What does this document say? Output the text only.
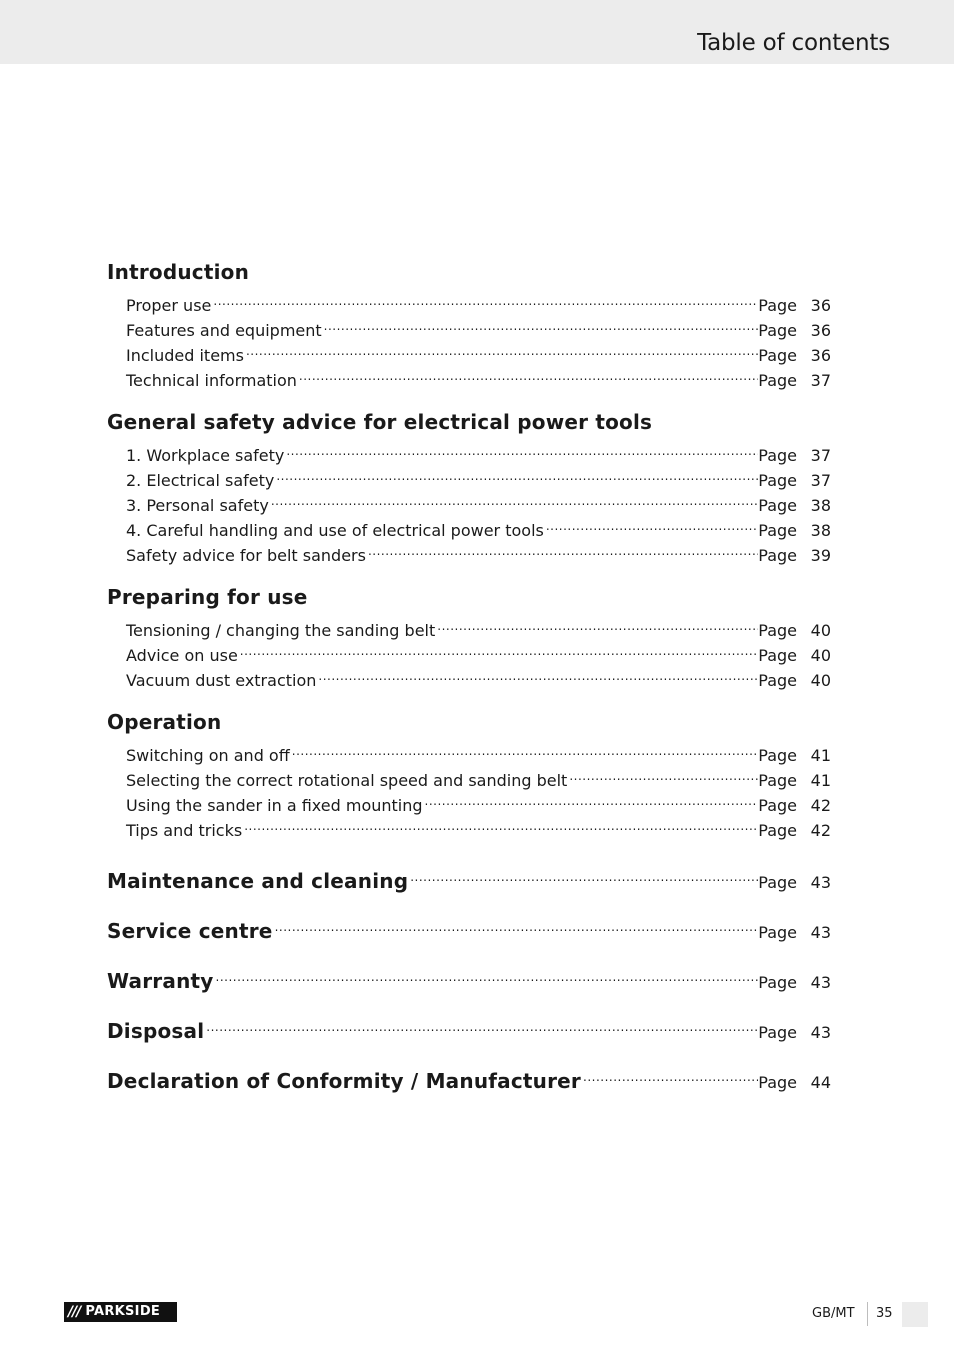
Table of contents
Introduction
Proper use .....	Page 36
Features and equipment .....	Page 36
Included items .....	Page 36
Technical information .....	Page 37
General safety advice for electrical power tools
1. Workplace safety .....	Page 37
2. Electrical safety .....	Page 37
3. Personal safety .....	Page 38
4. Careful handling and use of electrical power tools .....	Page 38
Safety advice for belt sanders .....	Page 39
Preparing for use
Tensioning / changing the sanding belt .....	Page 40
Advice on use .....	Page 40
Vacuum dust extraction .....	Page 40
Operation
Switching on and off .....	Page 41
Selecting the correct rotational speed and sanding belt .....	Page 41
Using the sander in a fixed mounting .....	Page 42
Tips and tricks .....	Page 42
Maintenance and cleaning .....	Page 43
Service centre .....	Page 43
Warranty .....	Page 43
Disposal .....	Page 43
Declaration of Conformity / Manufacturer .....	Page 44
/// PARKSIDE	GB/MT 35
